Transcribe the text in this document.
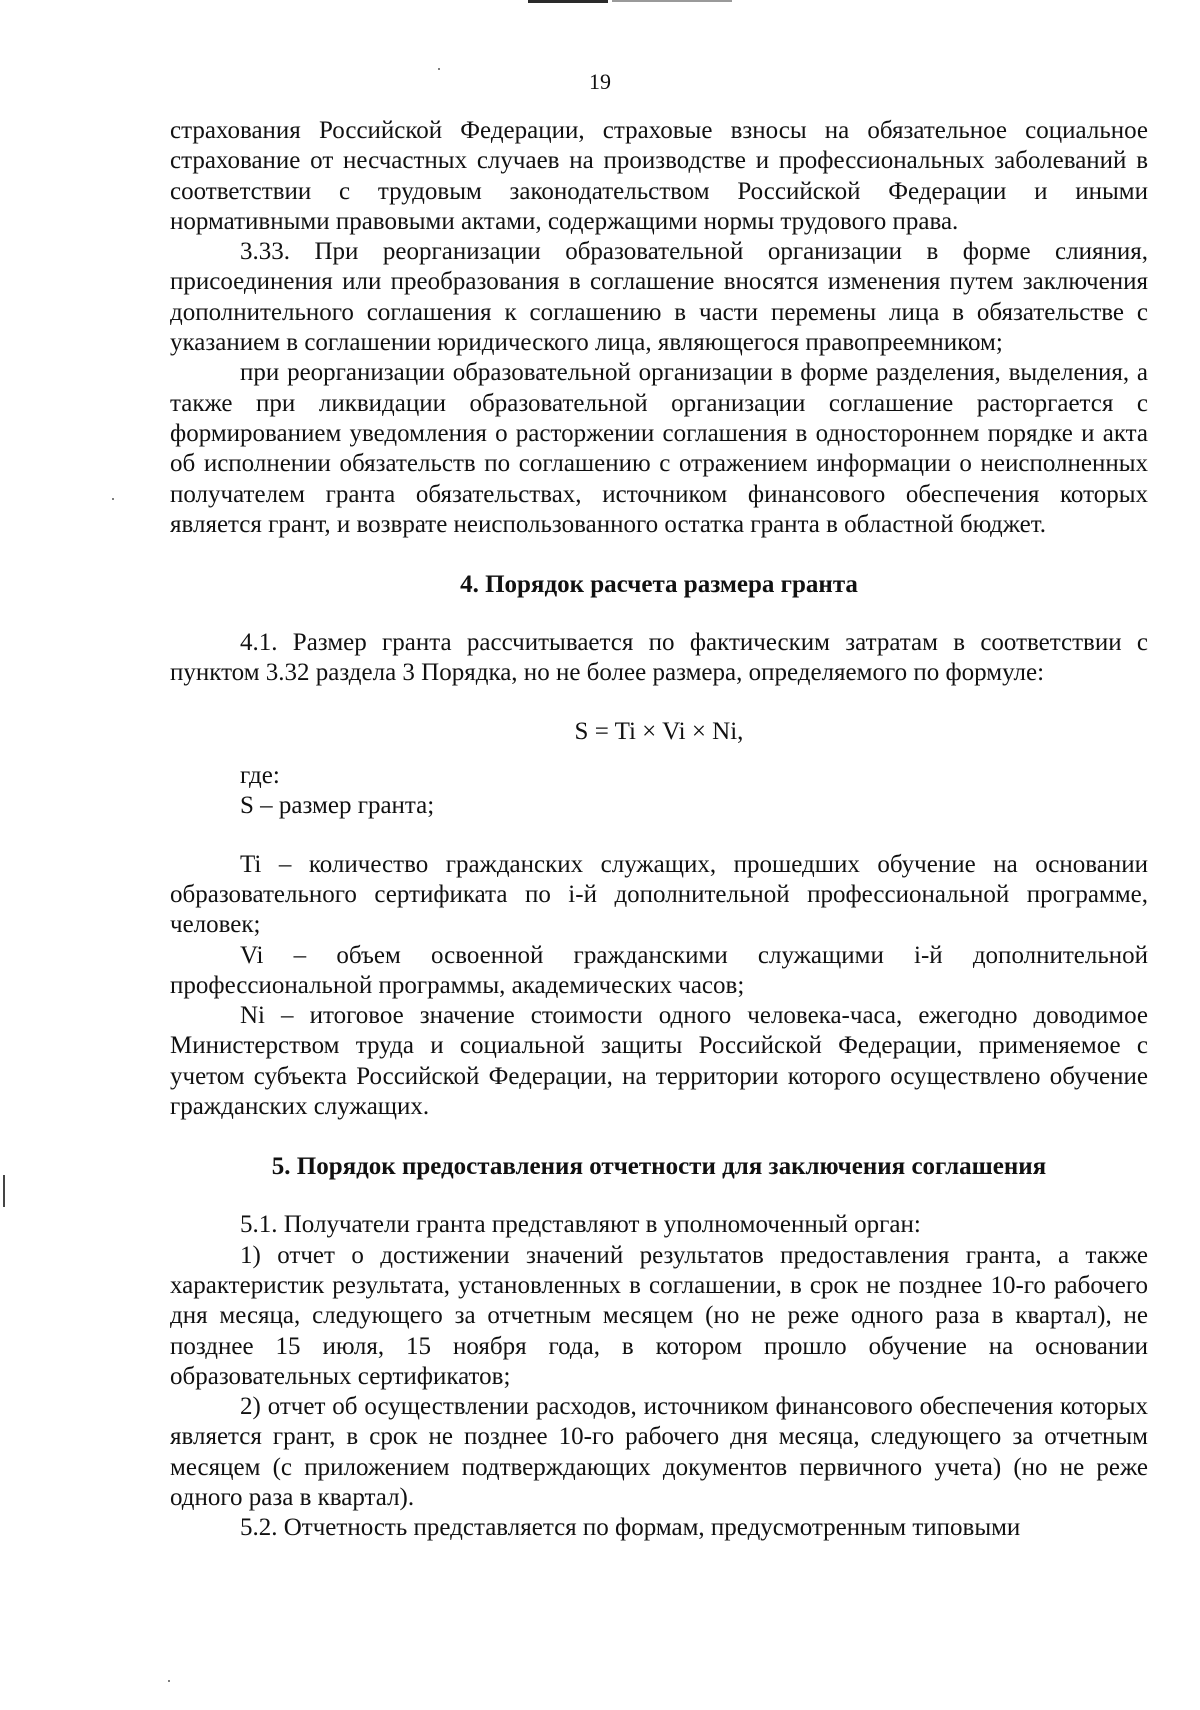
19

страхования Российской Федерации, страховые взносы на обязательное социальное страхование от несчастных случаев на производстве и профессиональных заболеваний в соответствии с трудовым законодательством Российской Федерации и иными нормативными правовыми актами, содержащими нормы трудового права.

3.33. При реорганизации образовательной организации в форме слияния, присоединения или преобразования в соглашение вносятся изменения путем заключения дополнительного соглашения к соглашению в части перемены лица в обязательстве с указанием в соглашении юридического лица, являющегося правопреемником;

при реорганизации образовательной организации в форме разделения, выделения, а также при ликвидации образовательной организации соглашение расторгается с формированием уведомления о расторжении соглашения в одностороннем порядке и акта об исполнении обязательств по соглашению с отражением информации о неисполненных получателем гранта обязательствах, источником финансового обеспечения которых является грант, и возврате неиспользованного остатка гранта в областной бюджет.

4. Порядок расчета размера гранта

4.1. Размер гранта рассчитывается по фактическим затратам в соответствии с пунктом 3.32 раздела 3 Порядка, но не более размера, определяемого по формуле:

S = Ti × Vi × Ni,

где:

S – размер гранта;

Ti – количество гражданских служащих, прошедших обучение на основании образовательного сертификата по i-й дополнительной профессиональной программе, человек;

Vi – объем освоенной гражданскими служащими i-й дополнительной профессиональной программы, академических часов;

Ni – итоговое значение стоимости одного человека-часа, ежегодно доводимое Министерством труда и социальной защиты Российской Федерации, применяемое с учетом субъекта Российской Федерации, на территории которого осуществлено обучение гражданских служащих.

5. Порядок предоставления отчетности для заключения соглашения

5.1. Получатели гранта представляют в уполномоченный орган:

1) отчет о достижении значений результатов предоставления гранта, а также характеристик результата, установленных в соглашении, в срок не позднее 10-го рабочего дня месяца, следующего за отчетным месяцем (но не реже одного раза в квартал), не позднее 15 июля, 15 ноября года, в котором прошло обучение на основании образовательных сертификатов;

2) отчет об осуществлении расходов, источником финансового обеспечения которых является грант, в срок не позднее 10-го рабочего дня месяца, следующего за отчетным месяцем (с приложением подтверждающих документов первичного учета) (но не реже одного раза в квартал).

5.2. Отчетность представляется по формам, предусмотренным типовыми
